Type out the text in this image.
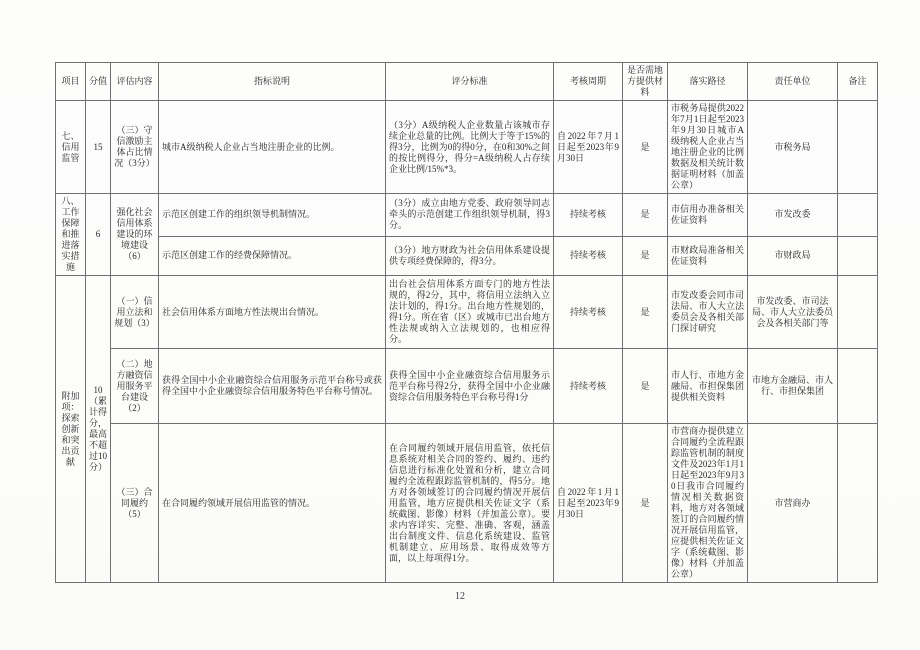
项目	分值	评估内容	指标说明	评分标准	考核周期	是否需地方提供材料	落实路径	责任单位	备注
七、信用监管	15	（三）守信激励主体占比情况（3分）	城市A级纳税人企业占当地注册企业的比例。	（3分）A级纳税人企业数量占该城市存续企业总量的比例。比例大于等于15%的得3分，比例为0的得0分，在0和30%之间的按比例得分，得分=A级纳税人占存续企业比例/15%*3。	自2022年7月1日起至2023年9月30日	是	市税务局提供2022年7月1日起至2023年9月30日城市A级纳税人企业占当地注册企业的比例数据及相关统计数据证明材料（加盖公章）	市税务局	
八、工作保障和推进落实措施	6	强化社会信用体系建设的环境建设（6）	示范区创建工作的组织领导机制情况。	（3分）成立由地方党委、政府领导同志牵头的示范创建工作组织领导机制，得3分。	持续考核	是	市信用办准备相关佐证资料	市发改委	
			示范区创建工作的经费保障情况。	（3分）地方财政为社会信用体系建设提供专项经费保障的，得3分。	持续考核	是	市财政局准备相关佐证资料	市财政局	
附加项：探索创新和突出贡献	10（累计得分，最高不超过10分）	（一）信用立法和规划（3）	社会信用体系方面地方性法规出台情况。	出台社会信用体系方面专门的地方性法规的，得2分，其中，将信用立法纳入立法计划的，得1分。出台地方性规划的，得1分。所在省（区）或城市已出台地方性法规或纳入立法规划的，也相应得分。	持续考核	是	市发改委会同市司法局、市人大立法委员会及各相关部门探讨研究	市发改委、市司法局、市人大立法委员会及各相关部门等	
		（二）地方融资信用服务平台建设（2）	获得全国中小企业融资综合信用服务示范平台称号或获得全国中小企业融资综合信用服务特色平台称号情况。	获得全国中小企业融资综合信用服务示范平台称号得2分，获得全国中小企业融资综合信用服务特色平台称号得1分	持续考核	是	市人行、市地方金融局、市担保集团提供相关资料	市地方金融局、市人行、市担保集团	
		（三）合同履约（5）	在合同履约领域开展信用监管的情况。	在合同履约领域开展信用监管，依托信息系统对相关合同的签约、履约、违约信息进行标准化处置和分析，建立合同履约全流程跟踪监管机制的，得5分。地方对各领域签订的合同履约情况开展信用监管，地方应提供相关佐证文字（系统截图、影像）材料（并加盖公章）。要求内容详实、完整、准确、客观，涵盖出台制度文件、信息化系统建设、监管机制建立、应用场景、取得成效等方面，以上每项得1分。	自2022年1月1日起至2023年9月30日	是	市营商办提供建立合同履约全流程跟踪监管机制的制度文件及2023年1月1日起至2023年9月30日我市合同履约情况相关数据资料，地方对各领域签订的合同履约情况开展信用监管，应提供相关佐证文字（系统截图、影像）材料（并加盖公章）	市营商办	
12
